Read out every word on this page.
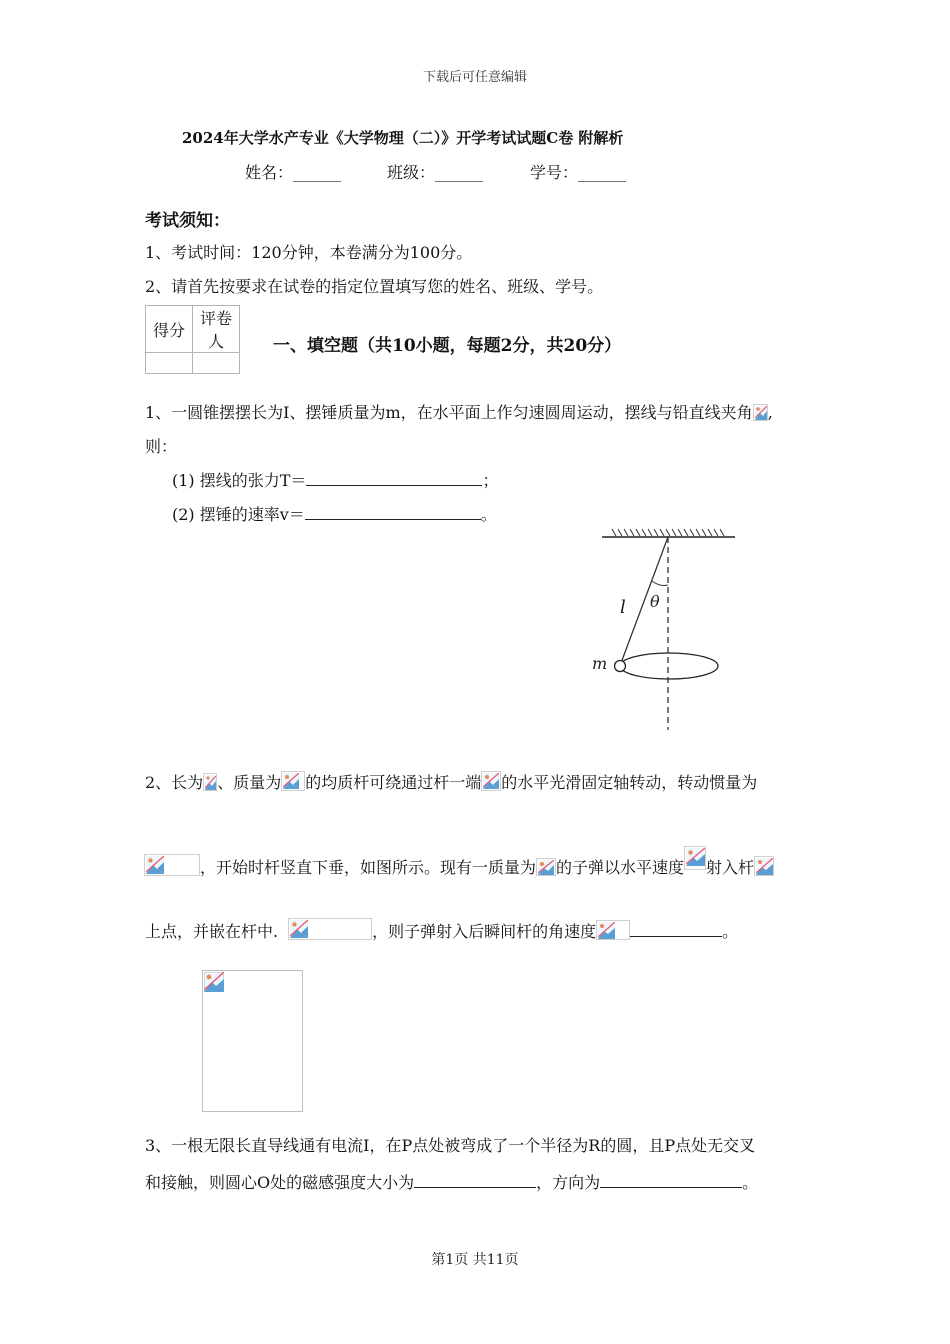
下载后可任意编辑
2024年大学水产专业《大学物理（二）》开学考试试题C卷 附解析
姓名：______	班级：______	学号：______
考试须知：
1、考试时间：120分钟，本卷满分为100分。
2、请首先按要求在试卷的指定位置填写您的姓名、班级、学号。
得分	评卷人
		一、填空题（共10小题，每题2分，共20分）
1、一圆锥摆摆长为I、摆锤质量为m，在水平面上作匀速圆周运动，摆线与铅直线夹角 ,
则：
(1) 摆线的张力T＝	；
(2) 摆锤的速率v＝	。
l θ
m
2、长为 、质量为 的均质杆可绕通过杆一端 的水平光滑固定轴转动，转动惯量为
，开始时杆竖直下垂，如图所示。现有一质量为 的子弹以水平速度 射入杆
上点，并嵌在杆中.	，则子弹射入后瞬间杆的角速度	。
3、一根无限长直导线通有电流I，在P点处被弯成了一个半径为R的圆，且P点处无交叉
和接触，则圆心O处的磁感强度大小为	，方向为	。
第1页 共11页
